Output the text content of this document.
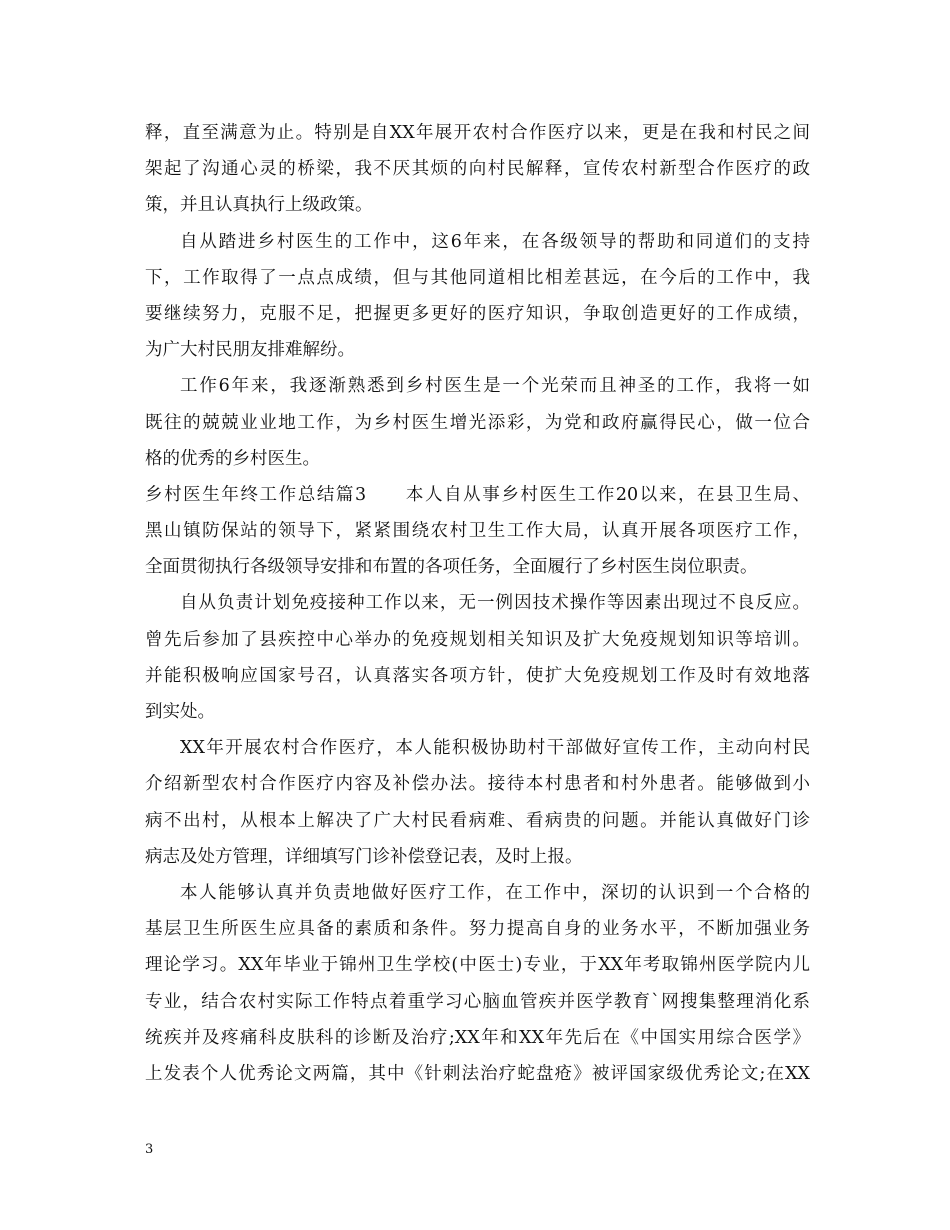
释，直至满意为止。特别是自XX年展开农村合作医疗以来，更是在我和村民之间
架起了沟通心灵的桥梁，我不厌其烦的向村民解释，宣传农村新型合作医疗的政
策，并且认真执行上级政策。
自从踏进乡村医生的工作中，这6年来，在各级领导的帮助和同道们的支持
下，工作取得了一点点成绩，但与其他同道相比相差甚远，在今后的工作中，我
要继续努力，克服不足，把握更多更好的医疗知识，争取创造更好的工作成绩，
为广大村民朋友排难解纷。
工作6年来，我逐渐熟悉到乡村医生是一个光荣而且神圣的工作，我将一如
既往的兢兢业业地工作，为乡村医生增光添彩，为党和政府赢得民心，做一位合
格的优秀的乡村医生。
乡村医生年终工作总结篇3　　本人自从事乡村医生工作20以来，在县卫生局、
黑山镇防保站的领导下，紧紧围绕农村卫生工作大局，认真开展各项医疗工作，
全面贯彻执行各级领导安排和布置的各项任务，全面履行了乡村医生岗位职责。
自从负责计划免疫接种工作以来，无一例因技术操作等因素出现过不良反应。
曾先后参加了县疾控中心举办的免疫规划相关知识及扩大免疫规划知识等培训。
并能积极响应国家号召，认真落实各项方针，使扩大免疫规划工作及时有效地落
到实处。
XX年开展农村合作医疗，本人能积极协助村干部做好宣传工作，主动向村民
介绍新型农村合作医疗内容及补偿办法。接待本村患者和村外患者。能够做到小
病不出村，从根本上解决了广大村民看病难、看病贵的问题。并能认真做好门诊
病志及处方管理，详细填写门诊补偿登记表，及时上报。
本人能够认真并负责地做好医疗工作，在工作中，深切的认识到一个合格的
基层卫生所医生应具备的素质和条件。努力提高自身的业务水平，不断加强业务
理论学习。XX年毕业于锦州卫生学校(中医士)专业，于XX年考取锦州医学院内儿
专业，结合农村实际工作特点着重学习心脑血管疾并医学教育`网搜集整理消化系
统疾并及疼痛科皮肤科的诊断及治疗;XX年和XX年先后在《中国实用综合医学》
上发表个人优秀论文两篇，其中《针刺法治疗蛇盘疮》被评国家级优秀论文;在XX
3
